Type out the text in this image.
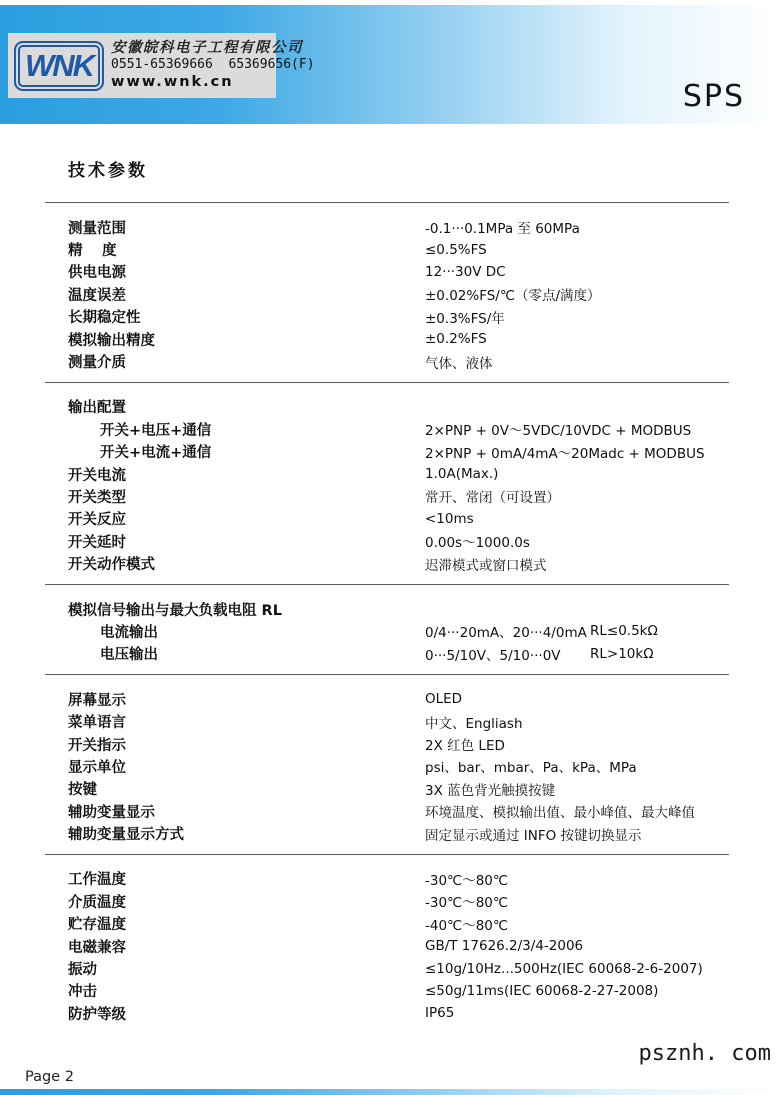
WNK	安徽皖科电子工程有限公司
0551-65369666  65369656(F)
www.wnk.cn	SPS
技术参数
测量范围	-0.1···0.1MPa 至 60MPa
精　 度	≤0.5%FS
供电电源	12···30V DC
温度误差	±0.02%FS/℃（零点/满度）
长期稳定性	±0.3%FS/年
模拟输出精度	±0.2%FS
测量介质	气体、液体
输出配置
开关+电压+通信	2×PNP + 0V～5VDC/10VDC + MODBUS
开关+电流+通信	2×PNP + 0mA/4mA～20Madc + MODBUS
开关电流	1.0A(Max.)
开关类型	常开、常闭（可设置）
开关反应	<10ms
开关延时	0.00s～1000.0s
开关动作模式	迟滞模式或窗口模式
模拟信号输出与最大负载电阻 RL
电流输出	0/4···20mA、20···4/0mA RL≤0.5kΩ
电压输出	0···5/10V、5/10···0V RL>10kΩ
屏幕显示	OLED
菜单语言	中文、Engliash
开关指示	2X 红色 LED
显示单位	psi、bar、mbar、Pa、kPa、MPa
按键	3X 蓝色背光触摸按键
辅助变量显示	环境温度、模拟输出值、最小峰值、最大峰值
辅助变量显示方式	固定显示或通过 INFO 按键切换显示
工作温度	-30℃～80℃
介质温度	-30℃～80℃
贮存温度	-40℃～80℃
电磁兼容	GB/T 17626.2/3/4-2006
振动	≤10g/10Hz...500Hz(IEC 60068-2-6-2007)
冲击	≤50g/11ms(IEC 60068-2-27-2008)
防护等级	IP65
psznh. com
Page 2
